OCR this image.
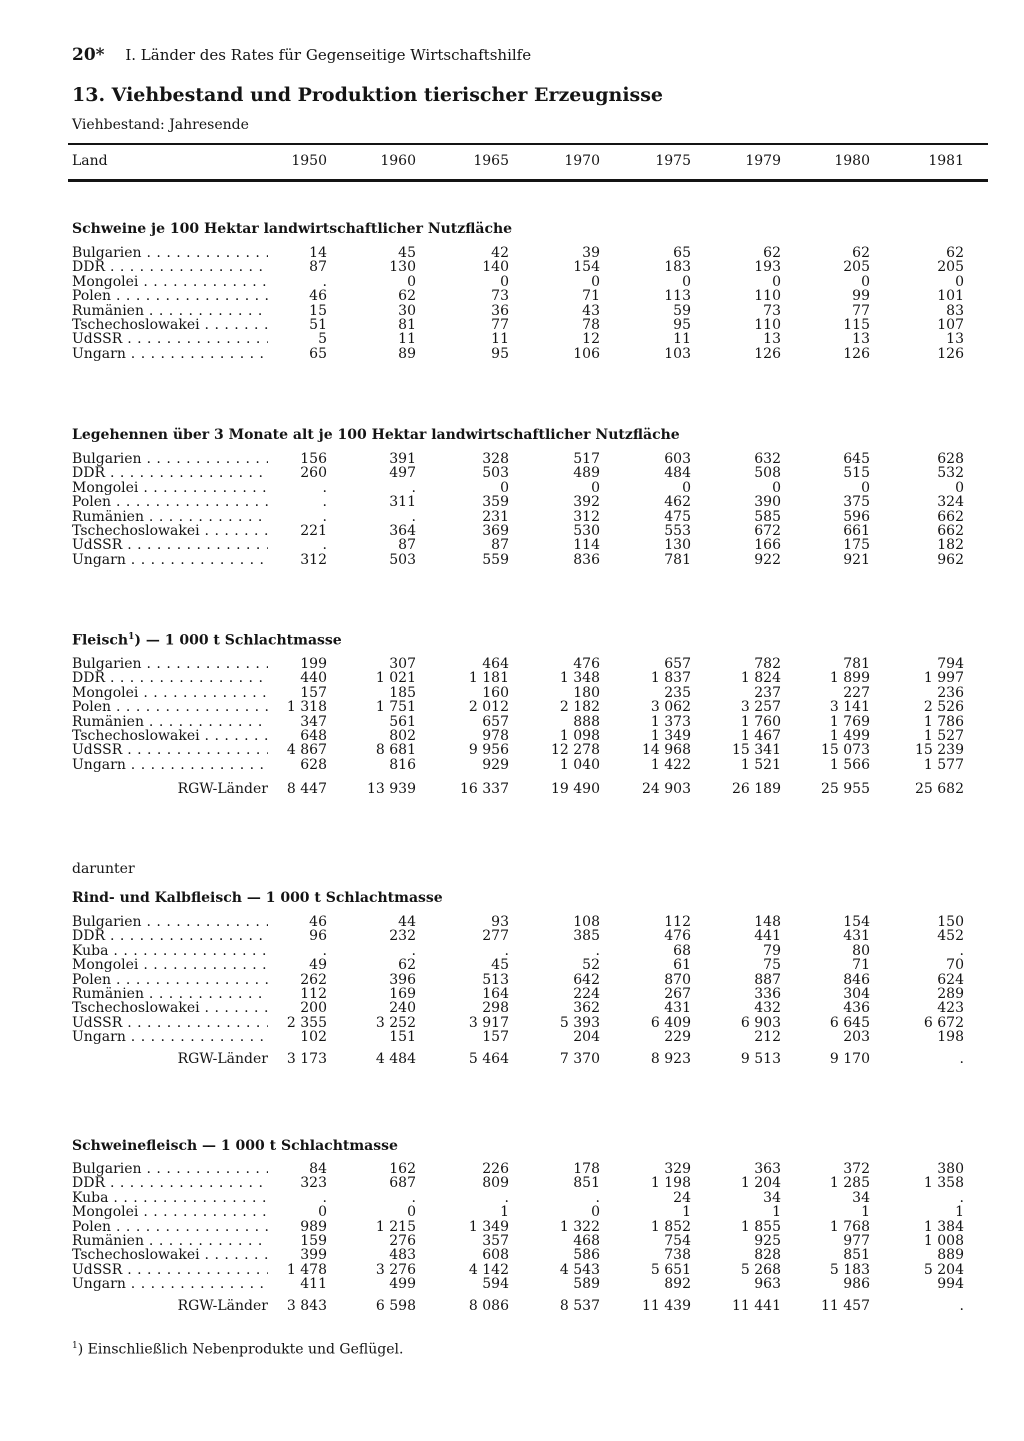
20* I. Länder des Rates für Gegenseitige Wirtschaftshilfe
13. Viehbestand und Produktion tierischer Erzeugnisse
Viehbestand: Jahresende
Land	1950	1960	1965	1970	1975	1979	1980	1981
Schweine je 100 Hektar landwirtschaftlicher Nutzfläche
Bulgarien . . .	14	45	42	39	65	62	62	62
DDR . . .	87	130	140	154	183	193	205	205
Mongolei . . .	.	0	0	0	0	0	0	0
Polen . . .	46	62	73	71	113	110	99	101
Rumänien . . .	15	30	36	43	59	73	77	83
Tschechoslowakei . . .	51	81	77	78	95	110	115	107
UdSSR . . .	5	11	11	12	11	13	13	13
Ungarn . . .	65	89	95	106	103	126	126	126
Legehennen über 3 Monate alt je 100 Hektar landwirtschaftlicher Nutzfläche
Bulgarien . . .	156	391	328	517	603	632	645	628
DDR . . .	260	497	503	489	484	508	515	532
Mongolei . . .	.	.	0	0	0	0	0	0
Polen . . .	.	311	359	392	462	390	375	324
Rumänien . . .	.	.	231	312	475	585	596	662
Tschechoslowakei . . .	221	364	369	530	553	672	661	662
UdSSR . . .	.	87	87	114	130	166	175	182
Ungarn . . .	312	503	559	836	781	922	921	962
Fleisch$^1$) — 1 000 t Schlachtmasse
Bulgarien . . .	199	307	464	476	657	782	781	794
DDR . . .	440	1 021	1 181	1 348	1 837	1 824	1 899	1 997
Mongolei . . .	157	185	160	180	235	237	227	236
Polen . . .	1 318	1 751	2 012	2 182	3 062	3 257	3 141	2 526
Rumänien . . .	347	561	657	888	1 373	1 760	1 769	1 786
Tschechoslowakei . . .	648	802	978	1 098	1 349	1 467	1 499	1 527
UdSSR . . .	4 867	8 681	9 956	12 278	14 968	15 341	15 073	15 239
Ungarn . . .	628	816	929	1 040	1 422	1 521	1 566	1 577
RGW-Länder	8 447	13 939	16 337	19 490	24 903	26 189	25 955	25 682
darunter
Rind- und Kalbfleisch — 1 000 t Schlachtmasse
Bulgarien . . .	46	44	93	108	112	148	154	150
DDR . . .	96	232	277	385	476	441	431	452
Kuba . . .	.	.	.	.	68	79	80	.
Mongolei . . .	49	62	45	52	61	75	71	70
Polen . . .	262	396	513	642	870	887	846	624
Rumänien . . .	112	169	164	224	267	336	304	289
Tschechoslowakei . . .	200	240	298	362	431	432	436	423
UdSSR . . .	2 355	3 252	3 917	5 393	6 409	6 903	6 645	6 672
Ungarn . . .	102	151	157	204	229	212	203	198
RGW-Länder	3 173	4 484	5 464	7 370	8 923	9 513	9 170	.
Schweinefleisch — 1 000 t Schlachtmasse
Bulgarien . . .	84	162	226	178	329	363	372	380
DDR . . .	323	687	809	851	1 198	1 204	1 285	1 358
Kuba . . .	.	.	.	.	24	34	34	.
Mongolei . . .	0	0	1	0	1	1	1	1
Polen . . .	989	1 215	1 349	1 322	1 852	1 855	1 768	1 384
Rumänien . . .	159	276	357	468	754	925	977	1 008
Tschechoslowakei . . .	399	483	608	586	738	828	851	889
UdSSR . . .	1 478	3 276	4 142	4 543	5 651	5 268	5 183	5 204
Ungarn . . .	411	499	594	589	892	963	986	994
RGW-Länder	3 843	6 598	8 086	8 537	11 439	11 441	11 457	.
$^1$) Einschließlich Nebenprodukte und Geflügel.
